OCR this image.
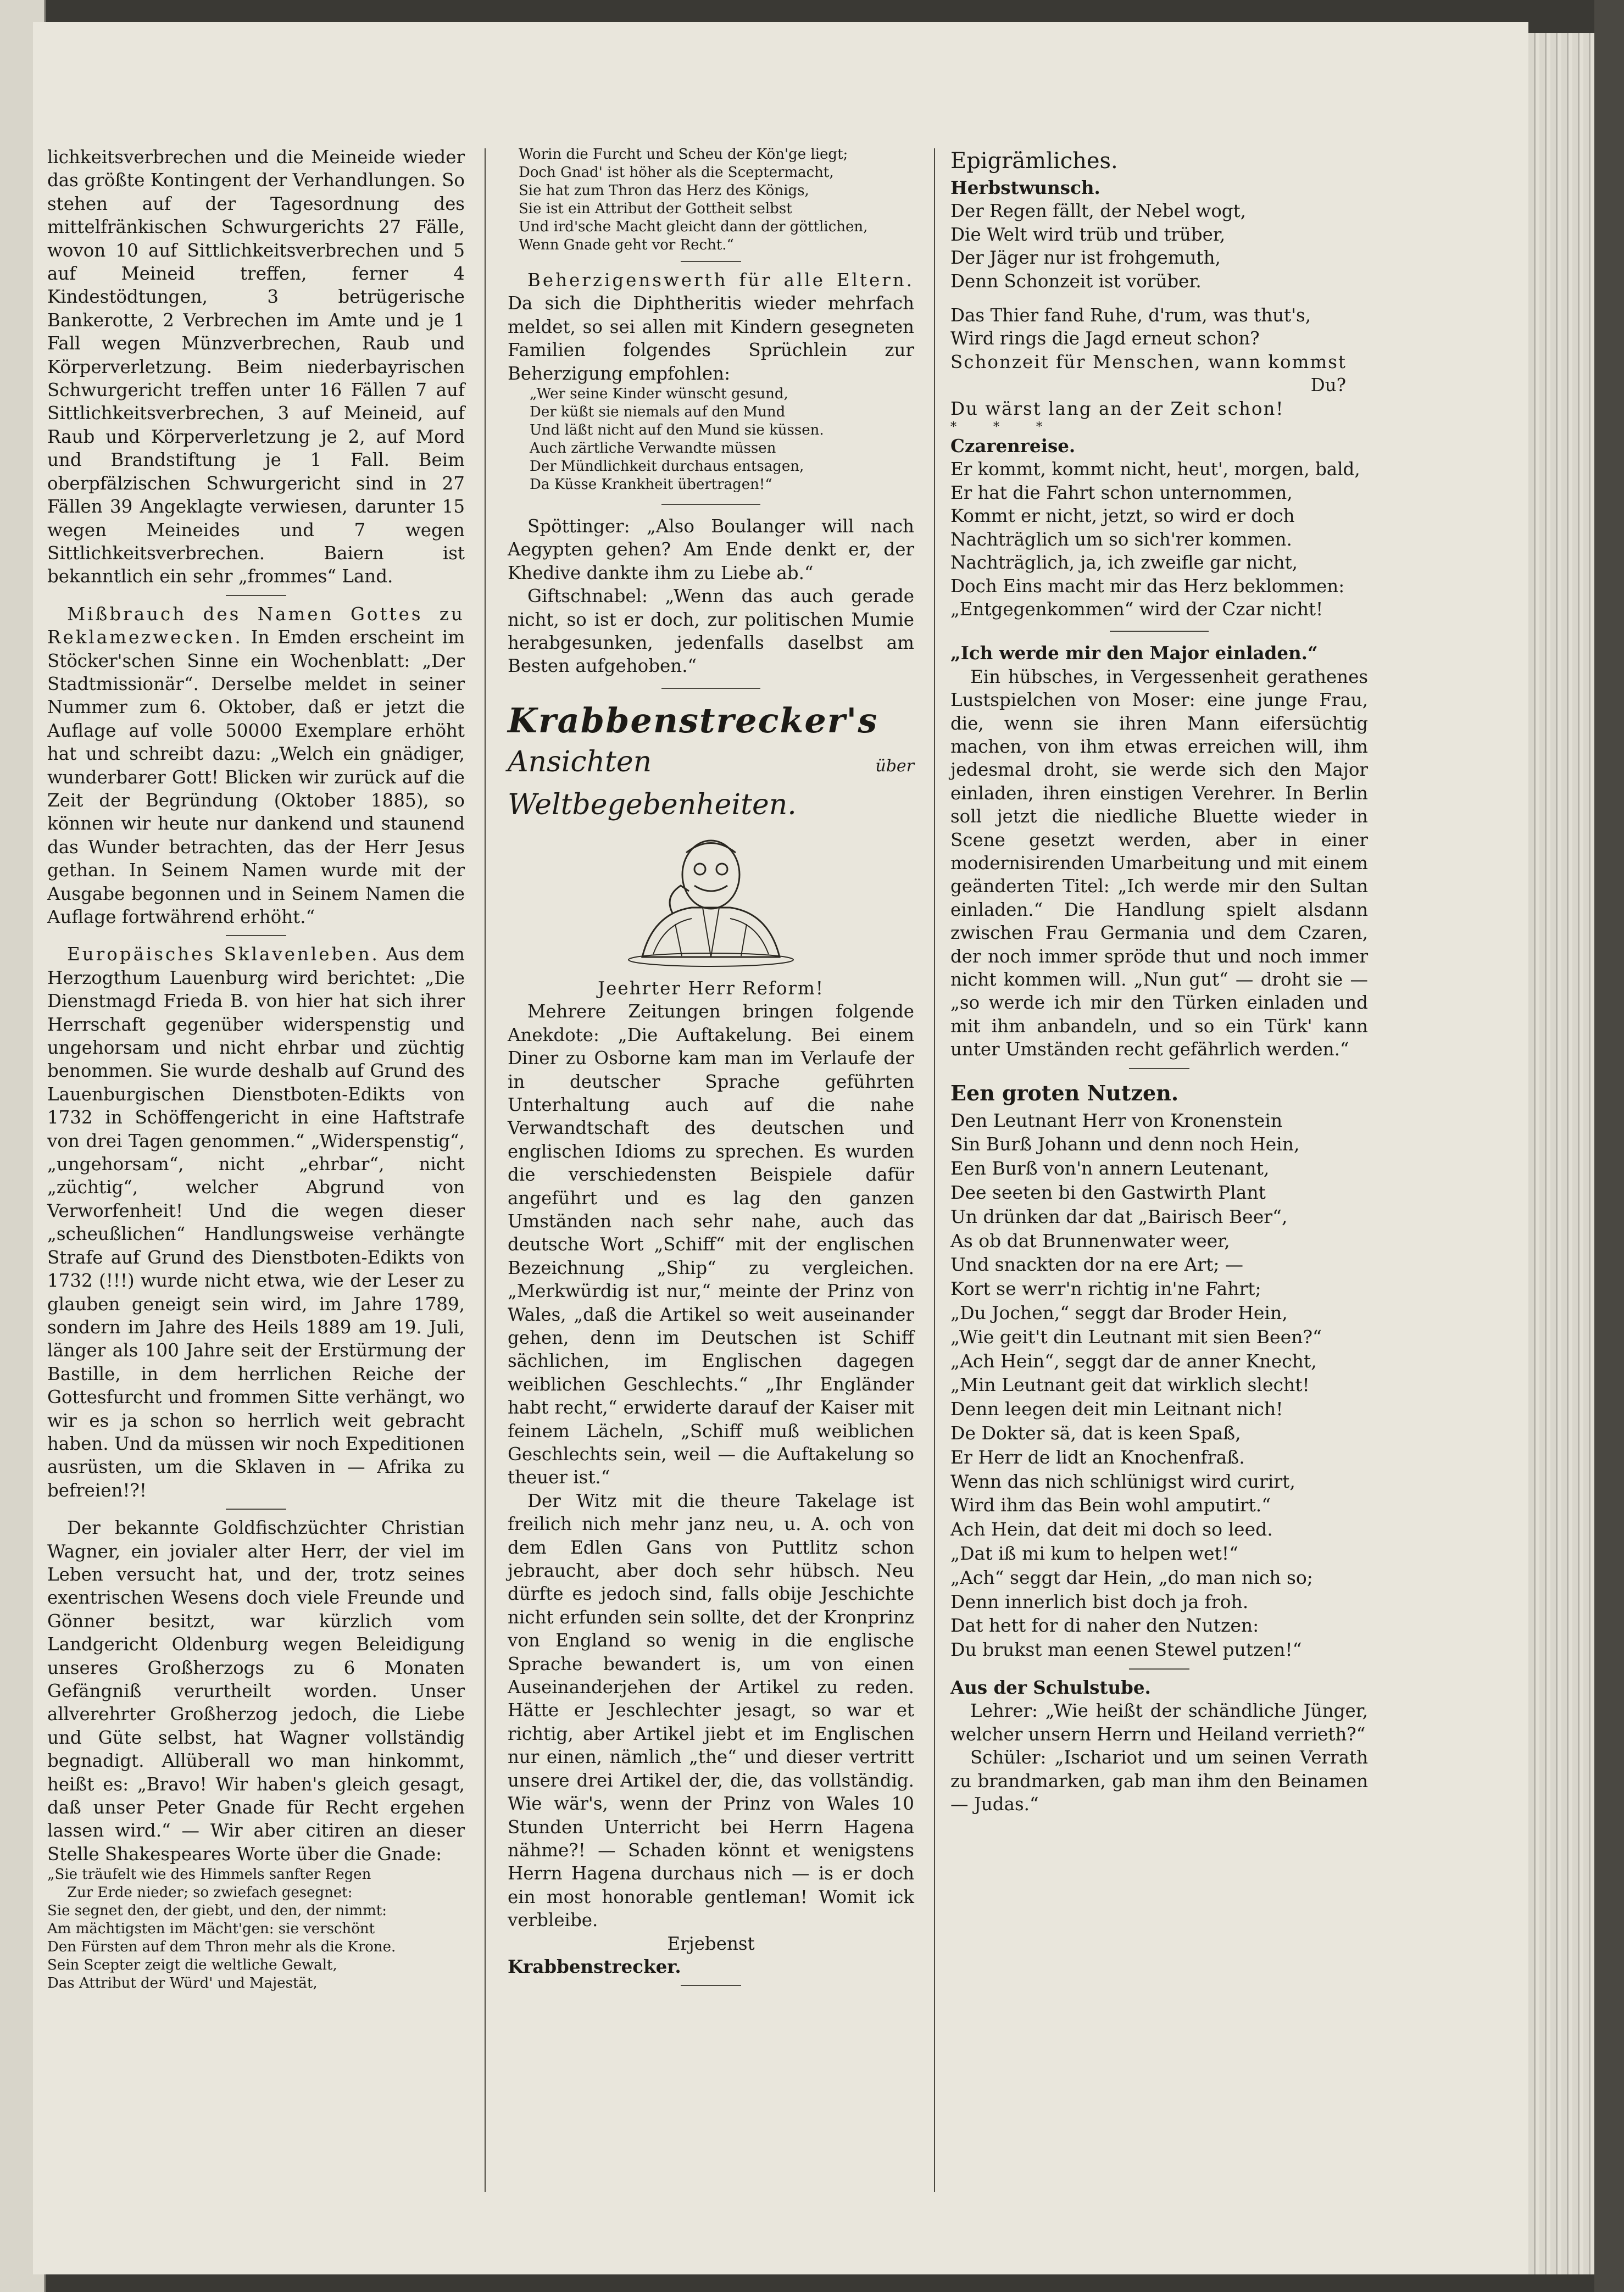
lichkeitsverbrechen und die Meineide wieder das größte Kontingent der Verhandlungen. So stehen auf der Tagesordnung des mittelfränkischen Schwurgerichts 27 Fälle, wovon 10 auf Sittlichkeitsverbrechen und 5 auf Meineid treffen, ferner 4 Kindestödtungen, 3 betrügerische Bankerotte, 2 Verbrechen im Amte und je 1 Fall wegen Münzverbrechen, Raub und Körperverletzung. Beim niederbayrischen Schwurgericht treffen unter 16 Fällen 7 auf Sittlichkeitsverbrechen, 3 auf Meineid, auf Raub und Körperverletzung je 2, auf Mord und Brandstiftung je 1 Fall. Beim oberpfälzischen Schwurgericht sind in 27 Fällen 39 Angeklagte verwiesen, darunter 15 wegen Meineides und 7 wegen Sittlichkeitsverbrechen. Baiern ist bekanntlich ein sehr „frommes“ Land.

Mißbrauch des Namen Gottes zu Reklamezwecken. In Emden erscheint im Stöcker'schen Sinne ein Wochenblatt: „Der Stadtmissionär“. Derselbe meldet in seiner Nummer zum 6. Oktober, daß er jetzt die Auflage auf volle 50000 Exemplare erhöht hat und schreibt dazu: „Welch ein gnädiger, wunderbarer Gott! Blicken wir zurück auf die Zeit der Begründung (Oktober 1885), so können wir heute nur dankend und staunend das Wunder betrachten, das der Herr Jesus gethan. In Seinem Namen wurde mit der Ausgabe begonnen und in Seinem Namen die Auflage fortwährend erhöht.“

Europäisches Sklavenleben. Aus dem Herzogthum Lauenburg wird berichtet: „Die Dienstmagd Frieda B. von hier hat sich ihrer Herrschaft gegenüber widerspenstig und ungehorsam und nicht ehrbar und züchtig benommen. Sie wurde deshalb auf Grund des Lauenburgischen Dienstboten-Edikts von 1732 in Schöffengericht in eine Haftstrafe von drei Tagen genommen.“ „Widerspenstig“, „ungehorsam“, nicht „ehrbar“, nicht „züchtig“, welcher Abgrund von Verworfenheit! Und die wegen dieser „scheußlichen“ Handlungsweise verhängte Strafe auf Grund des Dienstboten-Edikts von 1732 (!!!) wurde nicht etwa, wie der Leser zu glauben geneigt sein wird, im Jahre 1789, sondern im Jahre des Heils 1889 am 19. Juli, länger als 100 Jahre seit der Erstürmung der Bastille, in dem herrlichen Reiche der Gottesfurcht und frommen Sitte verhängt, wo wir es ja schon so herrlich weit gebracht haben. Und da müssen wir noch Expeditionen ausrüsten, um die Sklaven in — Afrika zu befreien!?!

Der bekannte Goldfischzüchter Christian Wagner, ein jovialer alter Herr, der viel im Leben versucht hat, und der, trotz seines exentrischen Wesens doch viele Freunde und Gönner besitzt, war kürzlich vom Landgericht Oldenburg wegen Beleidigung unseres Großherzogs zu 6 Monaten Gefängniß verurtheilt worden. Unser allverehrter Großherzog jedoch, die Liebe und Güte selbst, hat Wagner vollständig begnadigt. Allüberall wo man hinkommt, heißt es: „Bravo! Wir haben's gleich gesagt, daß unser Peter Gnade für Recht ergehen lassen wird.“ — Wir aber citiren an dieser Stelle Shakespeares Worte über die Gnade:

„Sie träufelt wie des Himmels sanfter Regen

Zur Erde nieder; so zwiefach gesegnet:

Sie segnet den, der giebt, und den, der nimmt:

Am mächtigsten im Mächt'gen: sie verschönt

Den Fürsten auf dem Thron mehr als die Krone.

Sein Scepter zeigt die weltliche Gewalt,

Das Attribut der Würd' und Majestät,

Worin die Furcht und Scheu der Kön'ge liegt;

Doch Gnad' ist höher als die Sceptermacht,

Sie hat zum Thron das Herz des Königs,

Sie ist ein Attribut der Gottheit selbst

Und ird'sche Macht gleicht dann der göttlichen,

Wenn Gnade geht vor Recht.“

Beherzigenswerth für alle Eltern. Da sich die Diphtheritis wieder mehrfach meldet, so sei allen mit Kindern gesegneten Familien folgendes Sprüchlein zur Beherzigung empfohlen:

„Wer seine Kinder wünscht gesund,

Der küßt sie niemals auf den Mund

Und läßt nicht auf den Mund sie küssen.

Auch zärtliche Verwandte müssen

Der Mündlichkeit durchaus entsagen,

Da Küsse Krankheit übertragen!“

Spöttinger: „Also Boulanger will nach Aegypten gehen? Am Ende denkt er, der Khedive dankte ihm zu Liebe ab.“

Giftschnabel: „Wenn das auch gerade nicht, so ist er doch, zur politischen Mumie herabgesunken, jedenfalls daselbst am Besten aufgehoben.“

Krabbenstrecker's

Ansichten	über Weltbegebenheiten.

Jeehrter Herr Reform!

Mehrere Zeitungen bringen folgende Anekdote: „Die Auftakelung. Bei einem Diner zu Osborne kam man im Verlaufe der in deutscher Sprache geführten Unterhaltung auch auf die nahe Verwandtschaft des deutschen und englischen Idioms zu sprechen. Es wurden die verschiedensten Beispiele dafür angeführt und es lag den ganzen Umständen nach sehr nahe, auch das deutsche Wort „Schiff“ mit der englischen Bezeichnung „Ship“ zu vergleichen. „Merkwürdig ist nur,“ meinte der Prinz von Wales, „daß die Artikel so weit auseinander gehen, denn im Deutschen ist Schiff sächlichen, im Englischen dagegen weiblichen Geschlechts.“ „Ihr Engländer habt recht,“ erwiderte darauf der Kaiser mit feinem Lächeln, „Schiff muß weiblichen Geschlechts sein, weil — die Auftakelung so theuer ist.“

Der Witz mit die theure Takelage ist freilich nich mehr janz neu, u. A. och von dem Edlen Gans von Puttlitz schon jebraucht, aber doch sehr hübsch. Neu dürfte es jedoch sind, falls obije Jeschichte nicht erfunden sein sollte, det der Kronprinz von England so wenig in die englische Sprache bewandert is, um von einen Auseinanderjehen der Artikel zu reden. Hätte er Jeschlechter jesagt, so war et richtig, aber Artikel jiebt et im Englischen nur einen, nämlich „the“ und dieser vertritt unsere drei Artikel der, die, das vollständig. Wie wär's, wenn der Prinz von Wales 10 Stunden Unterricht bei Herrn Hagena nähme?! — Schaden könnt et wenigstens Herrn Hagena durchaus nich — is er doch ein most honorable gentleman! Womit ick verbleibe.

Erjebenst

Krabbenstrecker.

Epigrämliches.

Herbstwunsch.

Der Regen fällt, der Nebel wogt,

Die Welt wird trüb und trüber,

Der Jäger nur ist frohgemuth,

Denn Schonzeit ist vorüber.

Das Thier fand Ruhe, d'rum, was thut's,

Wird rings die Jagd erneut schon?

Schonzeit für Menschen, wann kommst

Du?

Du wärst lang an der Zeit schon!

* * *

Czarenreise.

Er kommt, kommt nicht, heut', morgen, bald,

Er hat die Fahrt schon unternommen,

Kommt er nicht, jetzt, so wird er doch

Nachträglich um so sich'rer kommen.

Nachträglich, ja, ich zweifle gar nicht,

Doch Eins macht mir das Herz beklommen:

„Entgegenkommen“ wird der Czar nicht!

„Ich werde mir den Major einladen.“

Ein hübsches, in Vergessenheit gerathenes Lustspielchen von Moser: eine junge Frau, die, wenn sie ihren Mann eifersüchtig machen, von ihm etwas erreichen will, ihm jedesmal droht, sie werde sich den Major einladen, ihren einstigen Verehrer. In Berlin soll jetzt die niedliche Bluette wieder in Scene gesetzt werden, aber in einer modernisirenden Umarbeitung und mit einem geänderten Titel: „Ich werde mir den Sultan einladen.“ Die Handlung spielt alsdann zwischen Frau Germania und dem Czaren, der noch immer spröde thut und noch immer nicht kommen will. „Nun gut“ — droht sie — „so werde ich mir den Türken einladen und mit ihm anbandeln, und so ein Türk' kann unter Umständen recht gefährlich werden.“

Een groten Nutzen.

Den Leutnant Herr von Kronenstein

Sin Burß Johann und denn noch Hein,

Een Burß von'n annern Leutenant,

Dee seeten bi den Gastwirth Plant

Un drünken dar dat „Bairisch Beer“,

As ob dat Brunnenwater weer,

Und snackten dor na ere Art; —

Kort se werr'n richtig in'ne Fahrt;

„Du Jochen,“ seggt dar Broder Hein,

„Wie geit't din Leutnant mit sien Been?“

„Ach Hein“, seggt dar de anner Knecht,

„Min Leutnant geit dat wirklich slecht!

Denn leegen deit min Leitnant nich!

De Dokter sä, dat is keen Spaß,

Er Herr de lidt an Knochenfraß.

Wenn das nich schlünigst wird curirt,

Wird ihm das Bein wohl amputirt.“

Ach Hein, dat deit mi doch so leed.

„Dat iß mi kum to helpen wet!“

„Ach“ seggt dar Hein, „do man nich so;

Denn innerlich bist doch ja froh.

Dat hett for di naher den Nutzen:

Du brukst man eenen Stewel putzen!“

Aus der Schulstube.

Lehrer: „Wie heißt der schändliche Jünger, welcher unsern Herrn und Heiland verrieth?“

Schüler: „Ischariot und um seinen Verrath zu brandmarken, gab man ihm den Beinamen — Judas.“
